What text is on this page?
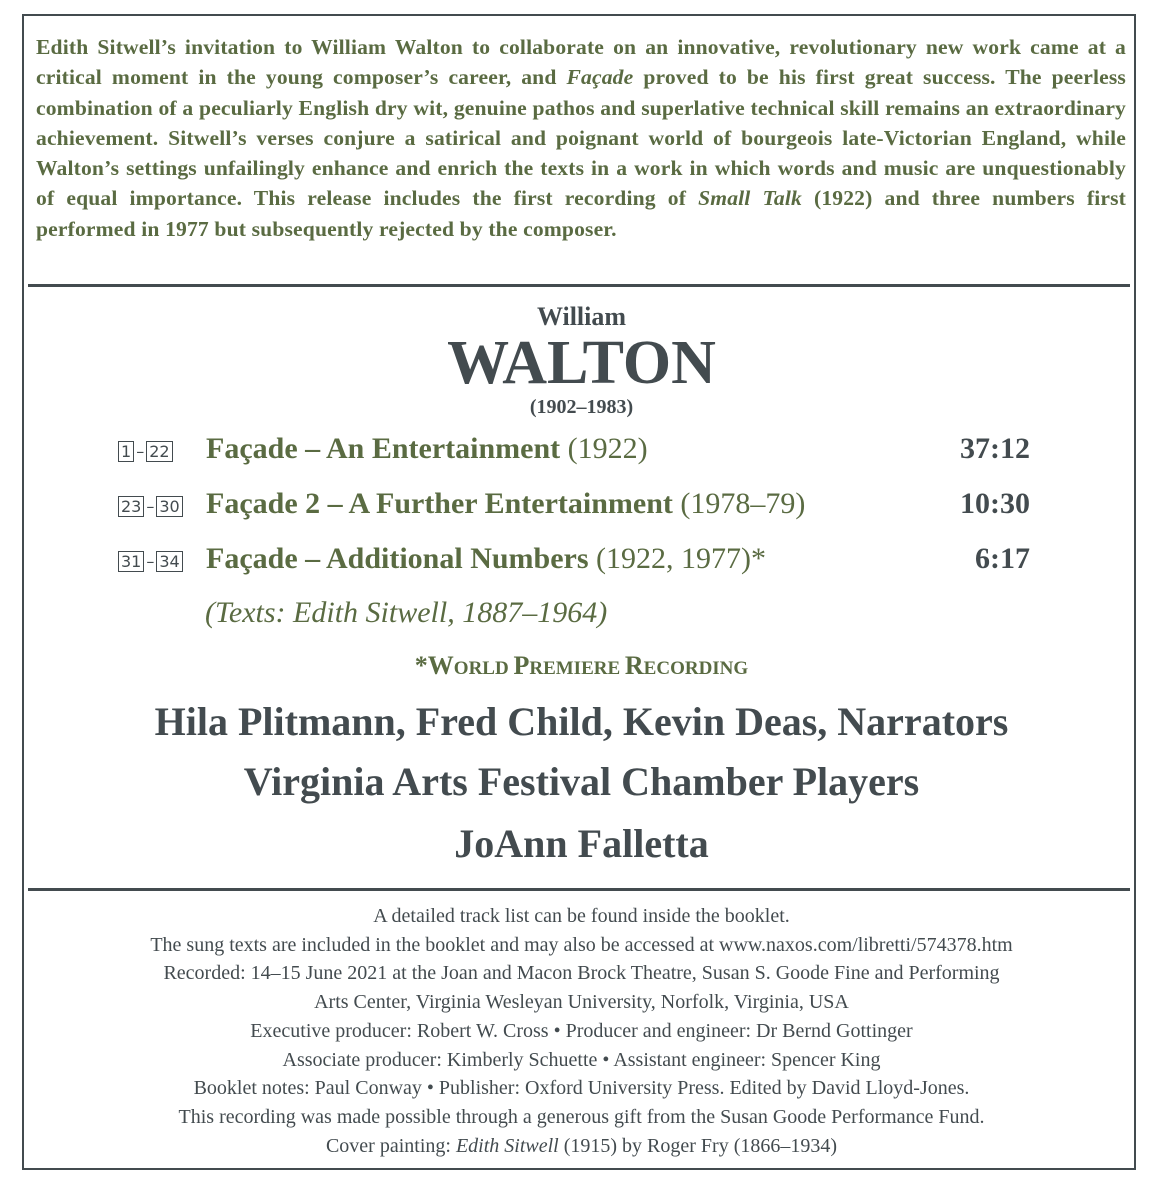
Edith Sitwell’s invitation to William Walton to collaborate on an innovative, revolutionary new work came at a critical moment in the young composer’s career, and Façade proved to be his first great success. The peerless combination of a peculiarly English dry wit, genuine pathos and superlative technical skill remains an extraordinary achievement. Sitwell’s verses conjure a satirical and poignant world of bourgeois late-Victorian England, while Walton’s settings unfailingly enhance and enrich the texts in a work in which words and music are unquestionably of equal importance. This release includes the first recording of Small Talk (1922) and three numbers first performed in 1977 but subsequently rejected by the composer.

William
WALTON
(1902–1983)
1 – 22 Façade – An Entertainment (1922)	37:12
23 – 30 Façade 2 – A Further Entertainment (1978–79)	10:30
31 – 34 Façade – Additional Numbers (1922, 1977)*	6:17
(Texts: Edith Sitwell, 1887–1964)
*WORLD PREMIERE RECORDING
Hila Plitmann, Fred Child, Kevin Deas, Narrators
Virginia Arts Festival Chamber Players
JoAnn Falletta
A detailed track list can be found inside the booklet.
The sung texts are included in the booklet and may also be accessed at www.naxos.com/libretti/574378.htm
Recorded: 14–15 June 2021 at the Joan and Macon Brock Theatre, Susan S. Goode Fine and Performing
Arts Center, Virginia Wesleyan University, Norfolk, Virginia, USA
Executive producer: Robert W. Cross • Producer and engineer: Dr Bernd Gottinger
Associate producer: Kimberly Schuette • Assistant engineer: Spencer King
Booklet notes: Paul Conway • Publisher: Oxford University Press. Edited by David Lloyd-Jones.
This recording was made possible through a generous gift from the Susan Goode Performance Fund.
Cover painting: Edith Sitwell (1915) by Roger Fry (1866–1934)
